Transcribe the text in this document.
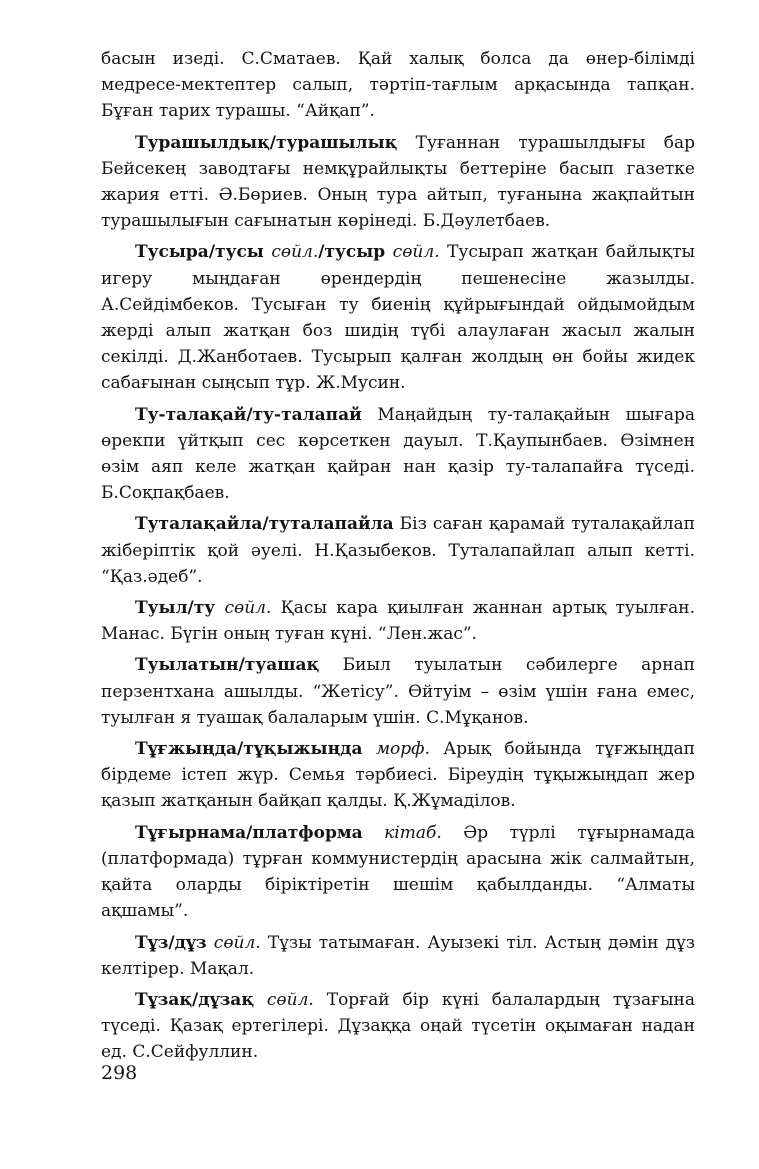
басын изеді. С.Сматаев. Қай халық болса да өнер-білімді медресе-мектептер салып, тәртіп-тағлым арқасында тапқан. Бұған тарих турашы. “Айқап”.

Турашылдық/турашылық Туғаннан турашылдығы бар Бейсекең заводтағы немқұрайлықты беттеріне басып газетке жария етті. Ә.Бөриев. Оның тура айтып, туғанына жақпайтын турашылығын сағынатын көрінеді. Б.Дәулетбаев.

Тусыра/тусы сөйл./тусыр сөйл. Тусырап жатқан байлықты игеру мыңдаған өрендердің пешенесіне жазылды. А.Сейдімбеков. Тусыған ту биенің құйрығындай ойдымойдым жерді алып жатқан боз шидің түбі алаулаған жасыл жалын секілді. Д.Жанботаев. Тусырып қалған жолдың өн бойы жидек сабағынан сыңсып тұр. Ж.Мусин.

Ту-талақай/ту-талапай Маңайдың ту-талақайын шығара өрекпи үйтқып сес көрсеткен дауыл. Т.Қаупынбаев. Өзімнен өзім аяп келе жатқан қайран нан қазір ту-талапайға түседі. Б.Соқпақбаев.

Туталақайла/туталапайла Біз саған қарамай туталақайлап жіберіптік қой әуелі. Н.Қазыбеков. Туталапайлап алып кетті. “Қаз.әдеб”.

Туыл/ту сөйл. Қасы кара қиылған жаннан артық туылған. Манас. Бүгін оның туған күні. “Лен.жас”.

Туылатын/туашақ Биыл туылатын сәбилерге арнап перзентхана ашылды. “Жетісу”. Өйтуім – өзім үшін ғана емес, туылған я туашақ балаларым үшін. С.Мұқанов.

Тұғжыңда/тұқыжыңда морф. Арық бойында тұғжыңдап бірдеме істеп жүр. Семья тәрбиесі. Біреудің тұқыжыңдап жер қазып жатқанын байқап қалды. Қ.Жұмаділов.

Тұғырнама/платформа кітаб. Әр түрлі тұғырнамада (платформада) тұрған коммунистердің арасына жік салмайтын, қайта оларды біріктіретін шешім қабылданды. “Алматы ақшамы”.

Тұз/дұз сөйл. Тұзы татымаған. Ауызекі тіл. Астың дәмін дұз келтірер. Мақал.

Тұзақ/дұзақ сөйл. Торғай бір күні балалардың тұзағына түседі. Қазақ ертегілері. Дұзаққа оңай түсетін оқымаған надан ед. С.Сейфуллин.

298
